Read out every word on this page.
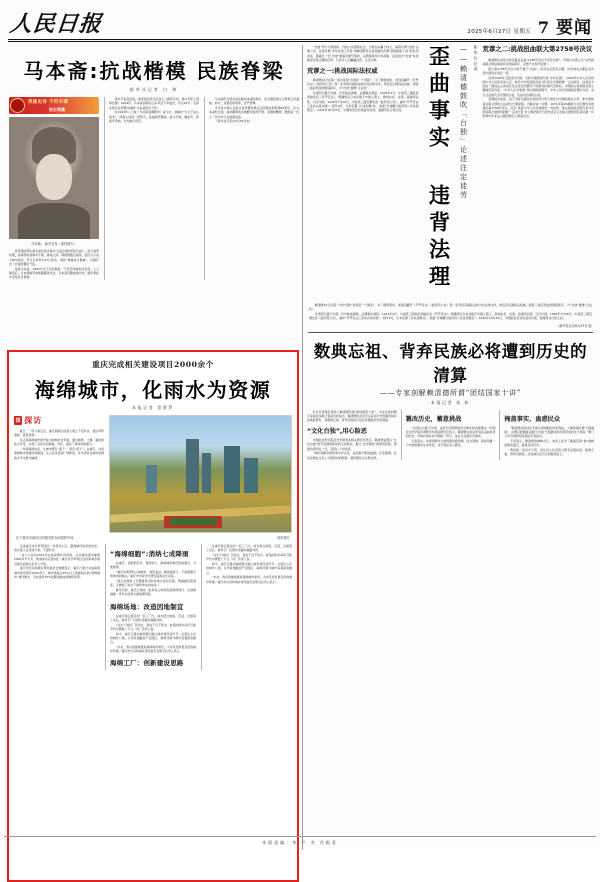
人民日报	2025年6月27日 星期五 7 要闻
马本斋:抗战楷模 民族脊梁
新华社记者 白 林
英雄史诗 不朽丰碑
抗日英雄
马本斋。 新华社发（资料照片）

他带领的部队被毛泽东同志称为“百战百胜的回民支队”。抗日战争时期，他率部转战冀中平原、鲁南之间，冀鲁豫数百战场，经历大小战斗870余次，歼灭日伪军3.67万余名，建起“冀鲁抗日堡垒”，沉重打击了日寇的嚣张气焰。

他是马本斋，1902年生于河北献县一个贫苦回族农民家庭。七七事变后，日本侵略军的铁蹄踏进华北，马本斋目睹血染中华，组织青壮年自发抗日救国。

青壮年奋起抗战，他率领回民支队加入八路军序列，冀中平原上频频告捷。1944年，马本斋因病在山东莘县不幸逝世，年仅42岁。毛泽东同志亲笔题写挽联“马本斋同志不死”。

在1943年八公桥（今河南省濮阳市）战斗中，他喊出“牛刀子钻心战术”，同敌人加深一把利刃，直插敌军腹地，战斗打响，喊杀声、枪炮声齐响，火光映红夜空。

马本斋纪念馆坐落在献县本斋回族乡，是全国爱国主义教育示范基地。如今，这里松柏苍翠，庄严肃穆。

今年是中国人民抗日战争暨世界反法西斯战争胜利80周年，在马本斋纪念馆，前来瞻仰的各地群众络绎不绝。英雄的精神，激励着一代又一代中华儿女砥砺奋进。

（新华社石家庄6月26日电）

重庆完成相关建设项目2000余个
海绵城市，化雨水为资源
本报记者 常碧罗
探 探访

夏日，一场大雨过后，重庆高新区的高大道上不见积水，道边草坪湿润，更显葱翠。

这正是海绵城市建设成为的城市会年夏，通过植物、土壤、湖泊的综合作用，实现了对雨水的滞蓄、净化，减负了城市的排蓄力。

一场场海绵改造，让城市既有“面子”，更有“里子”。在重庆，这场海绵城市规模持续推进，从小区改造到广场新建，许多项目在城市的细枝末节中渐次铺展。

位于重庆市南岸区的城市阳光雨园停车场。	资料图片

走进重庆市沙坪坝区的一处居民小区，路面铺设的是透水砖，雨水落下后迅速下渗，不留积水。

“这个小区是2023年完成海绵化改造的，总共铺设透水铺装5000多平方米，新建雨水花园3处。”重庆市沙坪坝区住房和城乡建设委员会相关负责人介绍。

重庆市住房和城乡建设委员会数据显示，重庆已累计完成海绵城市建设项目2000余个，城市建成区45%以上的面积达到“海绵城市”建设要求，可实现将70%的降雨就地消纳和利用。

“海绵细胞”:消纳七成降雨

在重庆，因地形起伏、坡度较大，海绵城市建设因地制宜、分类施策。

“重庆是典型的山地城市，地形复杂，降雨强度大，不能照搬平原城市的做法。”重庆市市政设计研究院相关专家说。

“我们在坡地上设置植草沟和台地式雨水花园，既减缓径流速度，又增加了雨水下渗和净化的时间。”

截至目前，重庆已建成一批具有山地特色的海绵项目，在削峰减排、净化水质等方面效果明显。

海绵场地：改造因地制宜

在重庆两江新区的一家工厂内，雨水经过收集、沉淀、过滤等工序后，被用于厂区绿化浇灌和道路冲洗。

“过去下雨时厂区积水，现在不仅不积水，收集的雨水每年还能节约水费数十万元。”该厂负责人说。

如今，重庆正推动海绵理念融入城市建设各环节。从居住小区到城市公园，从市政道路到产业园区，海绵设施与城市景观深度融合。

“未来，我们将继续推进海绵城市建设，为市民创造更宜居的城市环境。”重庆市住房和城乡建设委员会相关负责人表示。

海绵工厂：创新建设思路

在重庆两江新区的一家工厂内，雨水经过收集、沉淀、过滤等工序后，被用于厂区绿化浇灌和道路冲洗。

“过去下雨时厂区积水，现在不仅不积水，收集的雨水每年还能节约水费数十万元。”该厂负责人说。

如今，重庆正推动海绵理念融入城市建设各环节。从居住小区到城市公园，从市政道路到产业园区，海绵设施与城市景观深度融合。

“未来，我们将继续推进海绵城市建设，为市民创造更宜居的城市环境。”重庆市住房和城乡建设委员会相关负责人表示。

“台独”势力分裂国家、内战公民国际社会，长期以来骗子林立，编造所谓“台独”法理公式，宣扬所谓“本年台湾工作者”的赖清德近日接连抛出所谓“团结国家十讲”的系列讲话，暴露出一些“台独”极端荒谬分裂的，妄图将两岸引向战事，这是因为“台独”本来就是逆背法理的幻梦，只会令人们蝙蝠自食，注定失败。

荒谬之一:挑战国际法权威

赖清德22日在第一讲中宣称“台湾是一个国家”，为了便得同听，他刻意翻开《开罗宣言》《波茨坦公告》等一系列具有国际法效力的法律文件，彻底否认国际法权威，损害二战后形成的国际秩序，为“台独”鼓噪“合法性”。

台湾回归属于中国，历史铁板清晰，法理事实清楚。1943年4月，中美英三国政府首脑发表《开罗宣言》，明确规定日本窃取于中国之领土，例如东北、台湾、澎湖列岛等，归还中国。1945年7月26日，中美英三国签署发表《波茨坦公告》，重申“开罗宣言之条件必将实施”。同年9月，日本签署《日本投降书》，承诺“忠诚履行波茨坦公告各项规定”。1945年10月25日，中国政府宣告恢复对台湾、澎湖列岛行使主权。	歪曲事实 违背法理 ——赖清德鼓吹「台独」论述注定徒劳 新华社记者 荒谬之二:挑战扭曲联大第2758号决议

赖清德在讲话中再次蓄意歪曲“2758号决议不涉及台湾”，声称以台湾之名“必然挑战联合国权威和执行国际秩序，企图产生和平成果”。

联大第2758号决议为何不属于“台独”，因为完全没有必要，该句同也必要在其中是中国所在的区一部。

台湾1945年已经回归中国。当时中国的国号是“中华民国”，1949年中华人民共和国中央人民政府成立后，取代中华民国政府成为代表全中国的唯一合法政府，这是在中国这一国际法主体没有发生变化的情况下的新政权取代旧政权，中国的主权和固有领土疆域没有改变，“中华人民共和国”是中国的新国号，中华人民共和国政府理所当然、完全合法地代表中国的主权，包括对台湾的主权。

需要指出的是，由于当时以美国为首的部分西方国家对中国的敌对立场，新中国恢复在联合国的合法席位长期受阻。为解决这一问题，1971年第26届联大以压倒性多数通过第2758号决议，决定“恢复中华人民共和国的一切权利，承认她的政府的代表为中国在联合国组织的唯一合法代表”并立即把蒋介石的代表从它在联合国组织及其所属一切机构中所非法占据的席位上驱逐出去。

赖清德22日在第一讲中宣称“台湾是一个国家”，为了便得同听，他刻意翻开《开罗宣言》《波茨坦公告》等一系列具有国际法效力的法律文件，彻底否认国际法权威，损害二战后形成的国际秩序，为“台独”鼓噪“合法性”。

台湾回归属于中国，历史铁板清晰，法理事实清楚。1943年4月，中美英三国政府首脑发表《开罗宣言》，明确规定日本窃取于中国之领土，例如东北、台湾、澎湖列岛等，归还中国。1945年7月26日，中美英三国签署发表《波茨坦公告》，重申“开罗宣言之条件必将实施”。同年9月，日本签署《日本投降书》，承诺“忠诚履行波茨坦公告各项规定”。1945年10月25日，中国政府宣告恢复对台湾、澎湖列岛行使主权。

（新华社北京6月25日电）
数典忘祖、背弃民族必将遭到历史的清算
——专家剖解赖清德所谓“团结国家十讲”
本报记者 张 盼

针对台湾地区领导人赖清德所谓“团结国家十讲”，多位台湾问题专家接受本报记者采访时指出，赖清德的言论充斥着对历史的篡改和对民族的背弃，其数典忘祖、背弃民族的行径必将遭到历史的清算。

“文化台独”,用心险恶

中国社会科学院近代史研究所相关研究员表示，赖清德企图以“文化台独”的手段割裂两岸的文化联系，推行“去中国化”的教育政策，毒害台湾年轻一代，其用心十分险恶。

“两岸同胞共同传承中华文化，这是割不断的血脉。”专家强调，任何企图在文化上分裂两岸的图谋，最终都将以失败告终。

篡改历史，蓄意挑战

“台湾自古属于中国，这是无可辩驳的历史事实和法理事实。”中国社会科学院台湾研究所相关研究员表示，赖清德在讲话中刻意歪曲台湾的历史，声称台湾并非中国的一部分，这完全违背历史事实。

专家指出，台湾同胞与大陆同胞同根同源、同文同种，两岸同属一个中国的事实从未改变，也不容任何人篡改。

掩盖事实，蛊惑民众

“赖清德在讲话中无视台湾同胞的切身利益，大肆渲染所谓‘大陆威胁’，企图以此掩盖其推行‘台独’分裂路线给台湾带来的巨大风险。”厦门大学台湾研究院相关学者指出。

专家表示，赖清德的种种言行，本质上是为了掩盖其谋“独”挑衅的真实面目，蛊惑岛内民众。

两岸统一是历史大势，是任何人任何势力都无法阻挡的。数典忘祖、背弃民族者，必将被钉在历史的耻辱柱上。

本版责编：李 产 杰 肖根喜
